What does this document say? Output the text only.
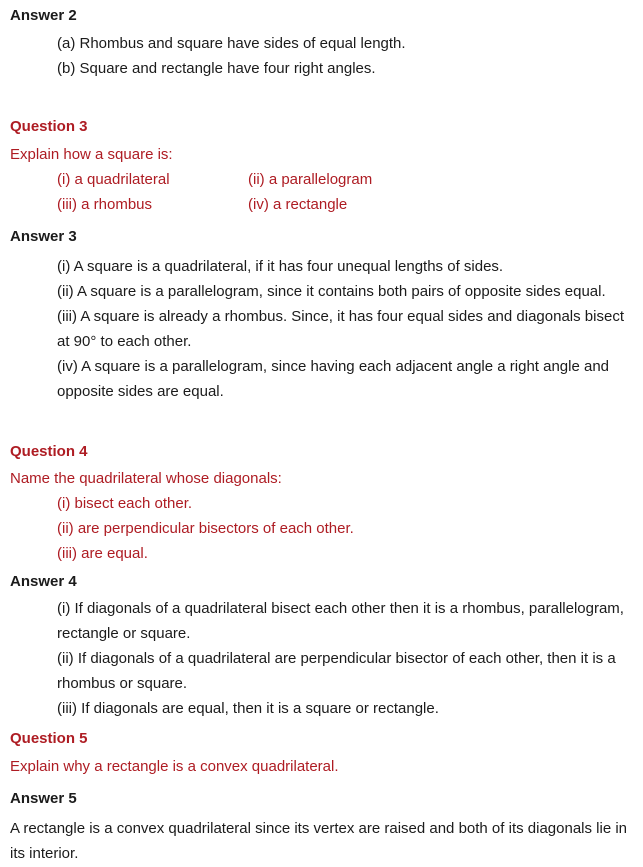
Answer 2

(a) Rhombus and square have sides of equal length.

(b) Square and rectangle have four right angles.

Question 3

Explain how a square is:

(i) a quadrilateral	(ii) a parallelogram
(iii) a rhombus	(iv) a rectangle
Answer 3

(i) A square is a quadrilateral, if it has four unequal lengths of sides.

(ii) A square is a parallelogram, since it contains both pairs of opposite sides equal.

(iii) A square is already a rhombus. Since, it has four equal sides and diagonals bisect at 90° to each other.

(iv) A square is a parallelogram, since having each adjacent angle a right angle and opposite sides are equal.

Question 4

Name the quadrilateral whose diagonals:

(i) bisect each other.

(ii) are perpendicular bisectors of each other.

(iii) are equal.

Answer 4

(i) If diagonals of a quadrilateral bisect each other then it is a rhombus, parallelogram, rectangle or square.

(ii) If diagonals of a quadrilateral are perpendicular bisector of each other, then it is a rhombus or square.

(iii) If diagonals are equal, then it is a square or rectangle.

Question 5

Explain why a rectangle is a convex quadrilateral.

Answer 5

A rectangle is a convex quadrilateral since its vertex are raised and both of its diagonals lie in its interior.
